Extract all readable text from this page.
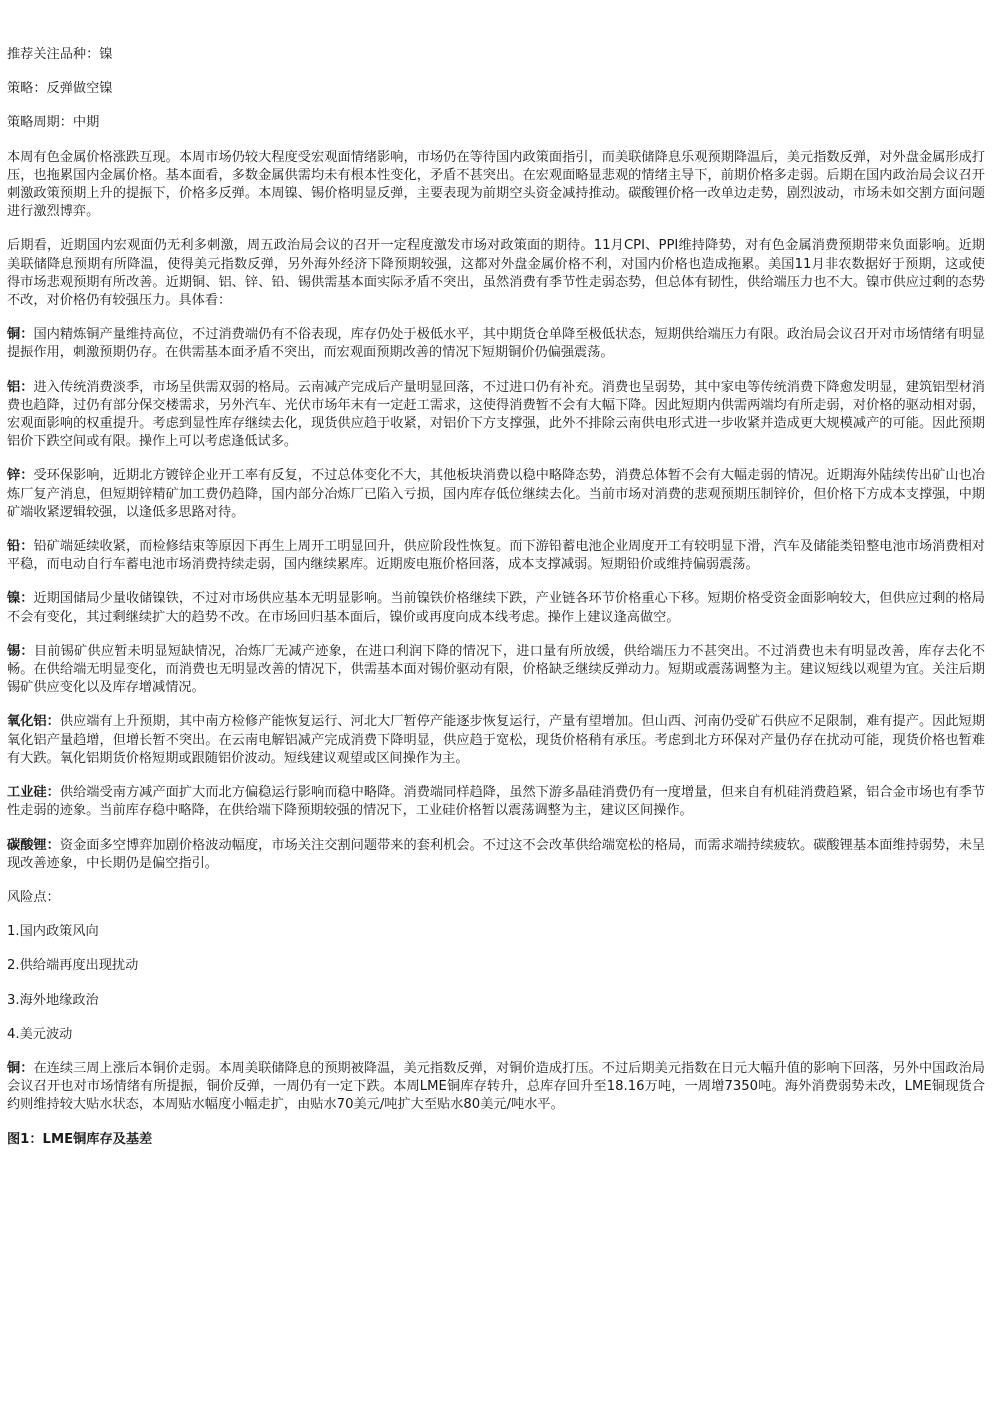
推荐关注品种：镍

策略：反弹做空镍

策略周期：中期

本周有色金属价格涨跌互现。本周市场仍较大程度受宏观面情绪影响，市场仍在等待国内政策面指引，而美联储降息乐观预期降温后，美元指数反弹，对外盘金属形成打压，也拖累国内金属价格。基本面看，多数金属供需均未有根本性变化，矛盾不甚突出。在宏观面略显悲观的情绪主导下，前期价格多走弱。后期在国内政治局会议召开刺激政策预期上升的提振下，价格多反弹。本周镍、锡价格明显反弹，主要表现为前期空头资金减持推动。碳酸锂价格一改单边走势，剧烈波动，市场未如交割方面问题进行激烈博弈。

后期看，近期国内宏观面仍无利多刺激，周五政治局会议的召开一定程度激发市场对政策面的期待。11月CPI、PPI维持降势，对有色金属消费预期带来负面影响。近期美联储降息预期有所降温，使得美元指数反弹，另外海外经济下降预期较强，这都对外盘金属价格不利，对国内价格也造成拖累。美国11月非农数据好于预期，这或使得市场悲观预期有所改善。近期铜、铝、锌、铅、锡供需基本面实际矛盾不突出，虽然消费有季节性走弱态势，但总体有韧性，供给端压力也不大。镍市供应过剩的态势不改，对价格仍有较强压力。具体看：

铜：国内精炼铜产量维持高位，不过消费端仍有不俗表现，库存仍处于极低水平，其中期货仓单降至极低状态，短期供给端压力有限。政治局会议召开对市场情绪有明显提振作用，刺激预期仍存。在供需基本面矛盾不突出，而宏观面预期改善的情况下短期铜价仍偏强震荡。

铝：进入传统消费淡季，市场呈供需双弱的格局。云南减产完成后产量明显回落，不过进口仍有补充。消费也呈弱势，其中家电等传统消费下降愈发明显，建筑铝型材消费也趋降，过仍有部分保交楼需求，另外汽车、光伏市场年末有一定赶工需求，这使得消费暂不会有大幅下降。因此短期内供需两端均有所走弱，对价格的驱动相对弱，宏观面影响的权重提升。考虑到显性库存继续去化，现货供应趋于收紧，对铝价下方支撑强，此外不排除云南供电形式进一步收紧并造成更大规模减产的可能。因此预期铝价下跌空间或有限。操作上可以考虑逢低试多。

锌：受环保影响，近期北方镀锌企业开工率有反复，不过总体变化不大，其他板块消费以稳中略降态势，消费总体暂不会有大幅走弱的情况。近期海外陆续传出矿山也冶炼厂复产消息，但短期锌精矿加工费仍趋降，国内部分冶炼厂已陷入亏损，国内库存低位继续去化。当前市场对消费的悲观预期压制锌价，但价格下方成本支撑强，中期矿端收紧逻辑较强，以逢低多思路对待。

铅：铅矿端延续收紧，而检修结束等原因下再生上周开工明显回升，供应阶段性恢复。而下游铅蓄电池企业周度开工有较明显下滑，汽车及储能类铅整电池市场消费相对平稳，而电动自行车蓄电池市场消费持续走弱，国内继续累库。近期废电瓶价格回落，成本支撑减弱。短期铅价或维持偏弱震荡。

镍：近期国储局少量收储镍铁，不过对市场供应基本无明显影响。当前镍铁价格继续下跌，产业链各环节价格重心下移。短期价格受资金面影响较大，但供应过剩的格局不会有变化，其过剩继续扩大的趋势不改。在市场回归基本面后，镍价或再度向成本线考虑。操作上建议逢高做空。

锡：目前锡矿供应暂未明显短缺情况，冶炼厂无减产迹象，在进口利润下降的情况下，进口量有所放缓，供给端压力不甚突出。不过消费也未有明显改善，库存去化不畅。在供给端无明显变化，而消费也无明显改善的情况下，供需基本面对锡价驱动有限，价格缺乏继续反弹动力。短期或震荡调整为主。建议短线以观望为宜。关注后期锡矿供应变化以及库存增减情况。

氧化铝：供应端有上升预期，其中南方检修产能恢复运行、河北大厂暂停产能逐步恢复运行，产量有望增加。但山西、河南仍受矿石供应不足限制，难有提产。因此短期氧化铝产量趋增，但增长暂不突出。在云南电解铝减产完成消费下降明显，供应趋于宽松，现货价格稍有承压。考虑到北方环保对产量仍存在扰动可能，现货价格也暂难有大跌。氧化铝期货价格短期或跟随铝价波动。短线建议观望或区间操作为主。

工业硅：供给端受南方减产面扩大而北方偏稳运行影响而稳中略降。消费端同样趋降，虽然下游多晶硅消费仍有一度增量，但来自有机硅消费趋紧，铝合金市场也有季节性走弱的迹象。当前库存稳中略降，在供给端下降预期较强的情况下，工业硅价格暂以震荡调整为主，建议区间操作。

碳酸锂：资金面多空博弈加剧价格波动幅度，市场关注交割问题带来的套利机会。不过这不会改革供给端宽松的格局，而需求端持续疲软。碳酸锂基本面维持弱势，未呈现改善迹象，中长期仍是偏空指引。

风险点：

1.国内政策风向

2.供给端再度出现扰动

3.海外地缘政治

4.美元波动

铜：在连续三周上涨后本铜价走弱。本周美联储降息的预期被降温，美元指数反弹，对铜价造成打压。不过后期美元指数在日元大幅升值的影响下回落，另外中国政治局会议召开也对市场情绪有所提振，铜价反弹，一周仍有一定下跌。本周LME铜库存转升，总库存回升至18.16万吨，一周增7350吨。海外消费弱势未改，LME铜现货合约则维持较大贴水状态，本周贴水幅度小幅走扩，由贴水70美元/吨扩大至贴水80美元/吨水平。

图1：LME铜库存及基差
